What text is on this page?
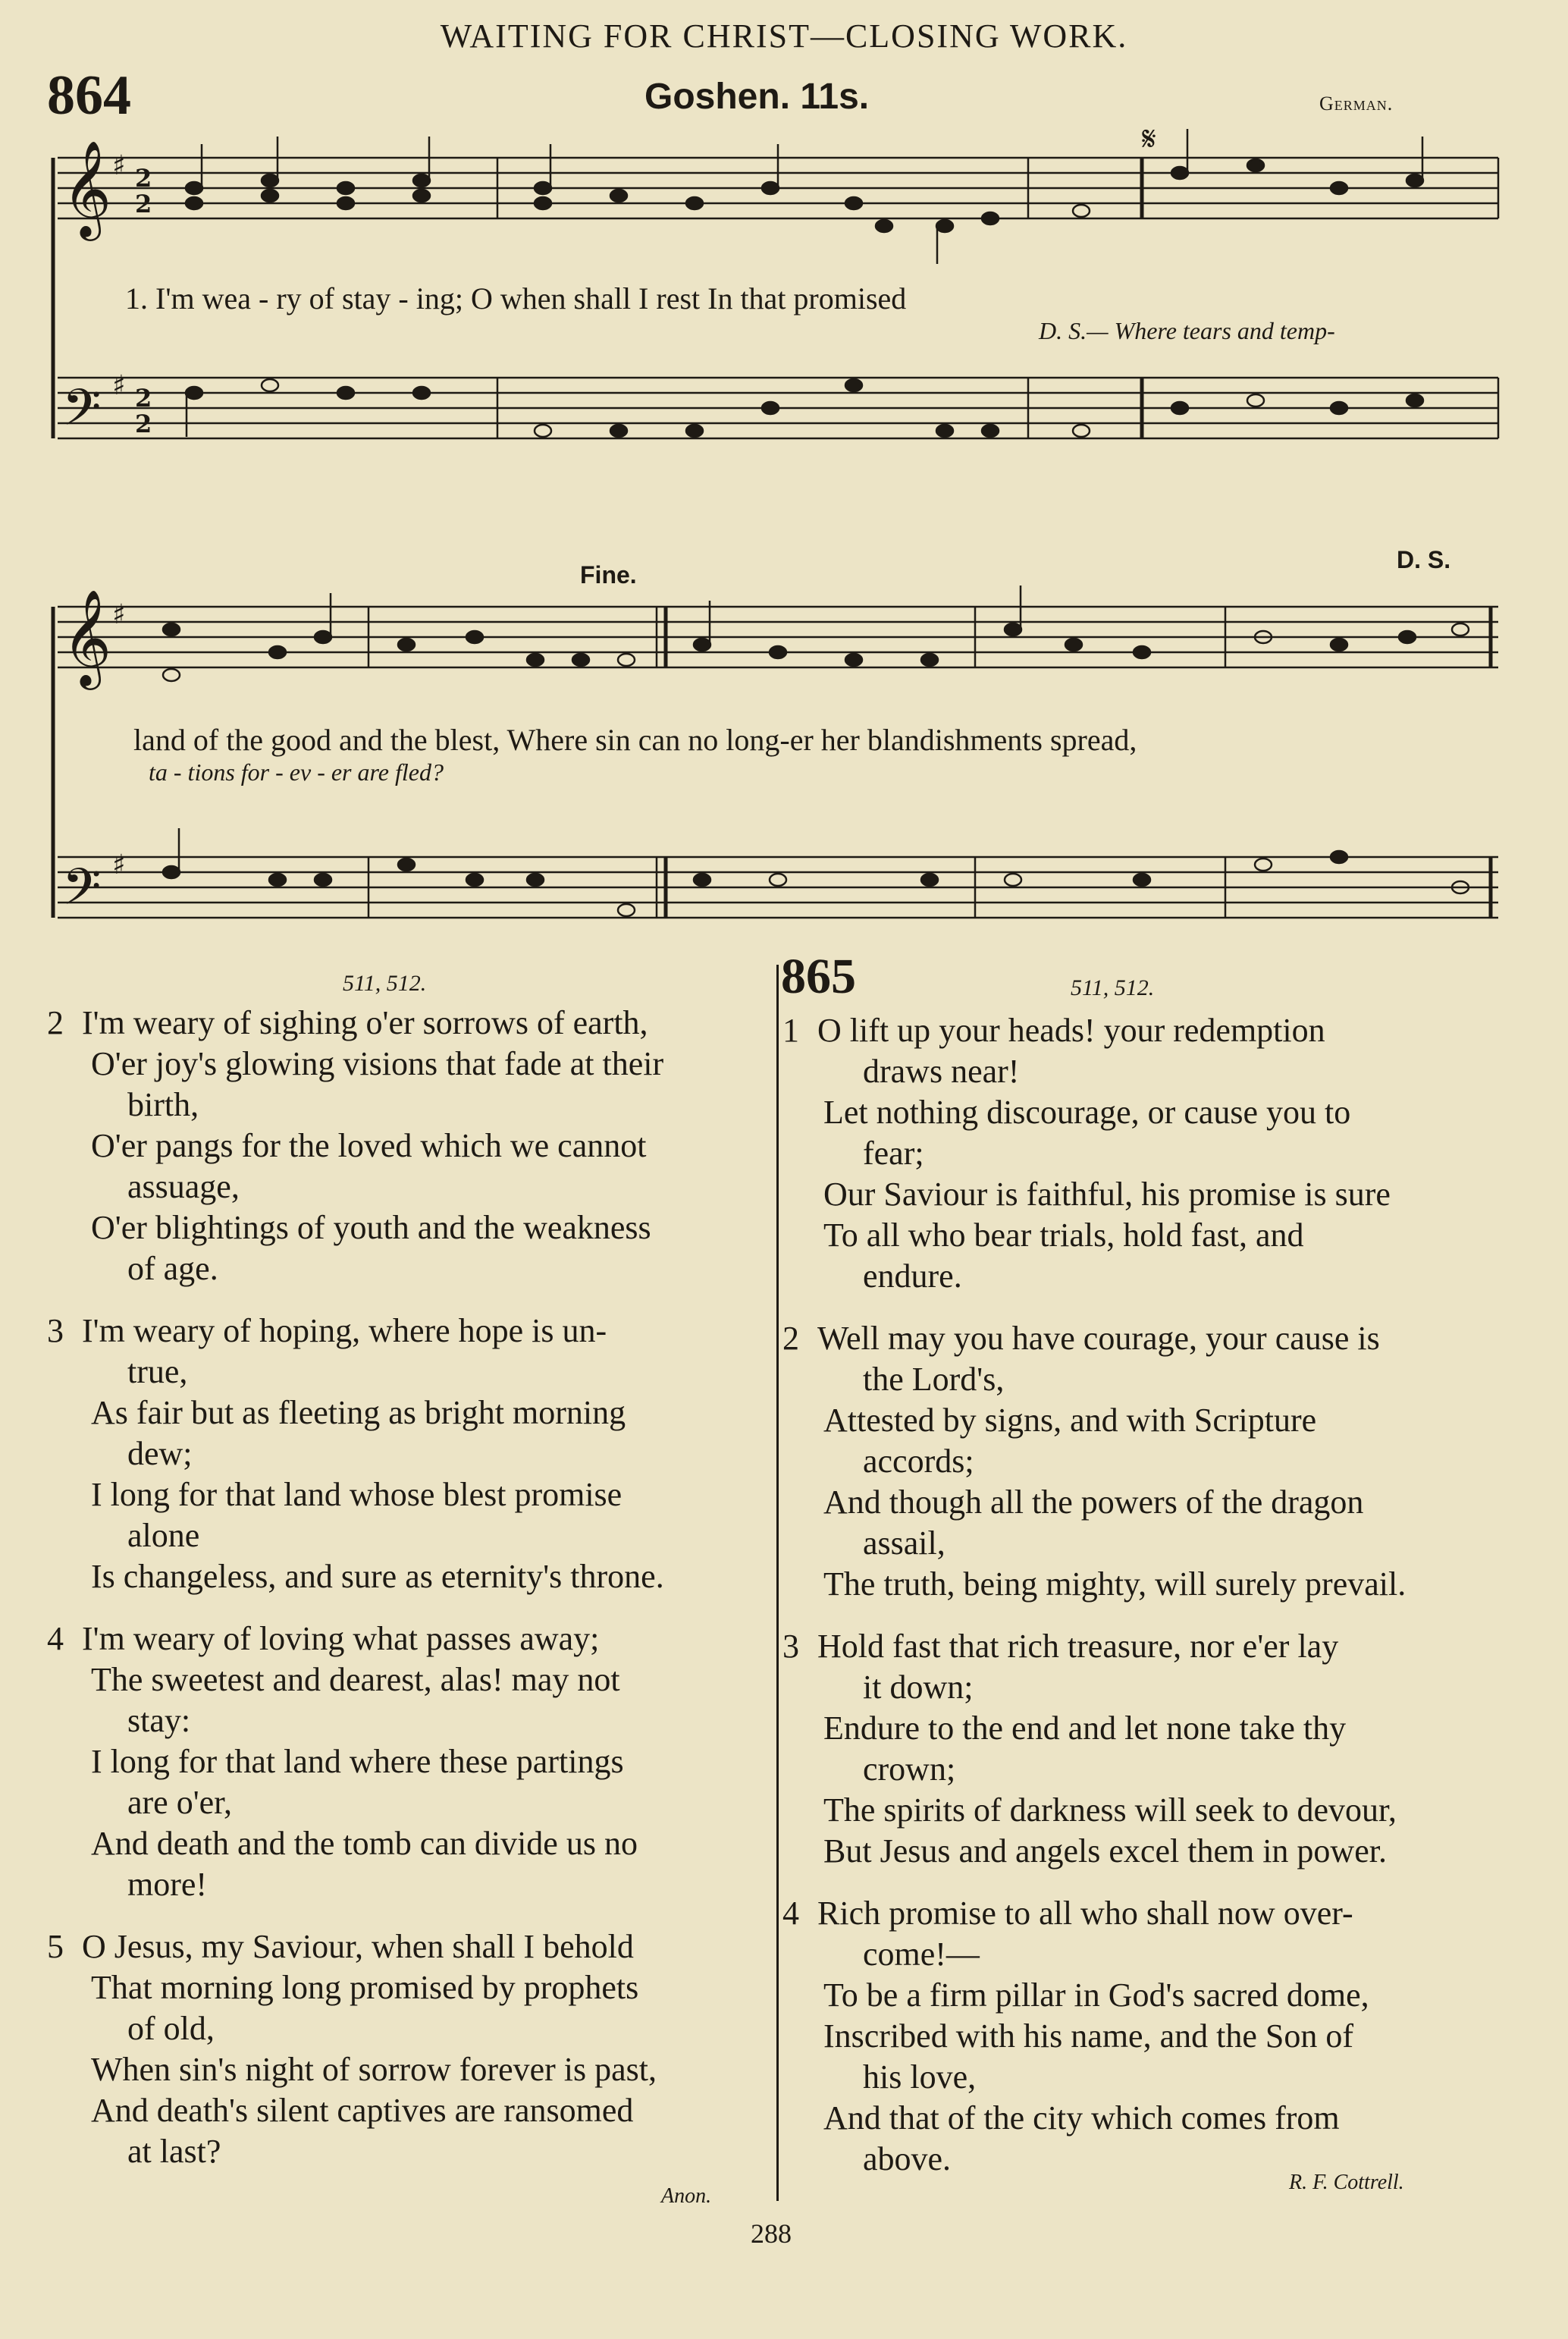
WAITING FOR CHRIST—CLOSING WORK.
864	Goshen. 11s.	German.
𝄞
𝄢
2
2
2
2
♯
♯
𝄋
1. I'm wea - ry of stay - ing; O when shall I rest In that promised
D. S.— Where tears and temp-
Fine.
D. S.
𝄞
𝄢
♯
♯
land of the good and the blest, Where sin can no long-er her blandishments spread,
ta - tions for - ev - er are fled?
511, 512.
2 I'm weary of sighing o'er sorrows of earth,
O'er joy's glowing visions that fade at their
birth,
O'er pangs for the loved which we cannot
assuage,
O'er blightings of youth and the weakness
of age.
3 I'm weary of hoping, where hope is un-
true,
As fair but as fleeting as bright morning
dew;
I long for that land whose blest promise
alone
Is changeless, and sure as eternity's throne.
4 I'm weary of loving what passes away;
The sweetest and dearest, alas! may not
stay:
I long for that land where these partings
are o'er,
And death and the tomb can divide us no
more!
5 O Jesus, my Saviour, when shall I behold
That morning long promised by prophets
of old,
When sin's night of sorrow forever is past,
And death's silent captives are ransomed
at last?
Anon.
865	511, 512.
1 O lift up your heads! your redemption
draws near!
Let nothing discourage, or cause you to
fear;
Our Saviour is faithful, his promise is sure
To all who bear trials, hold fast, and
endure.
2 Well may you have courage, your cause is
the Lord's,
Attested by signs, and with Scripture
accords;
And though all the powers of the dragon
assail,
The truth, being mighty, will surely prevail.
3 Hold fast that rich treasure, nor e'er lay
it down;
Endure to the end and let none take thy
crown;
The spirits of darkness will seek to devour,
But Jesus and angels excel them in power.
4 Rich promise to all who shall now over-
come!—
To be a firm pillar in God's sacred dome,
Inscribed with his name, and the Son of
his love,
And that of the city which comes from
above.
R. F. Cottrell.
288
